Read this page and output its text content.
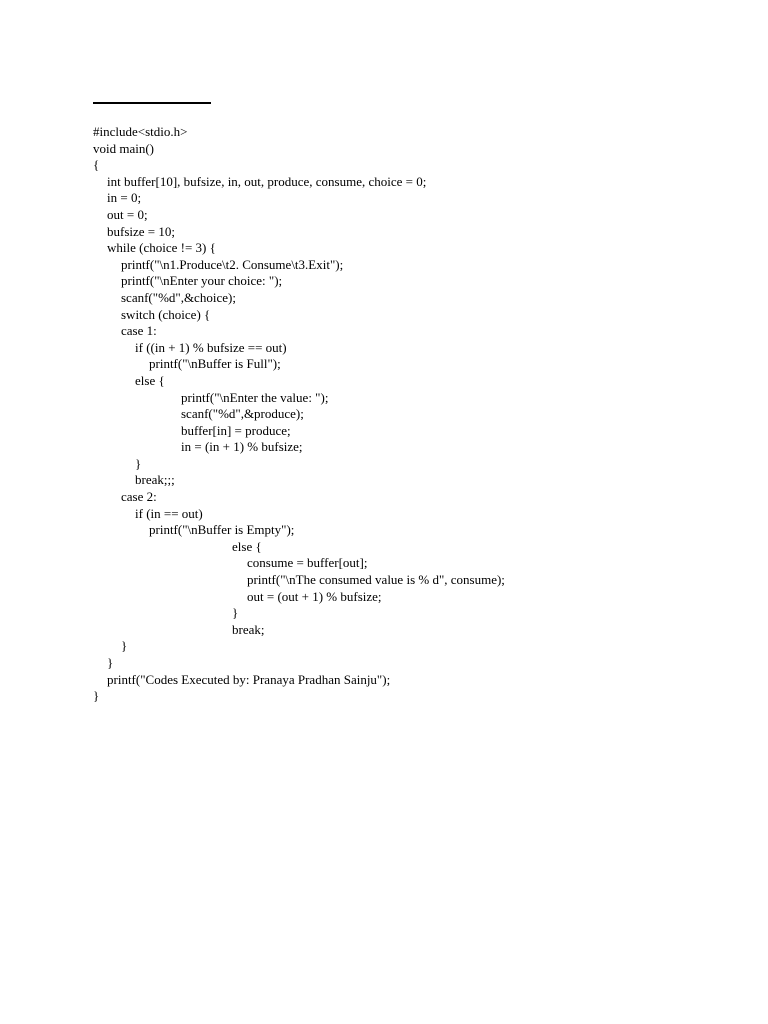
#include<stdio.h>
void main()
{
int buffer[10], bufsize, in, out, produce, consume, choice = 0;
in = 0;
out = 0;
bufsize = 10;
while (choice != 3) {
printf("\n1.Produce\t2. Consume\t3.Exit");
printf("\nEnter your choice: ");
scanf("%d",&choice);
switch (choice) {
case 1:
if ((in + 1) % bufsize == out)
printf("\nBuffer is Full");
else {
printf("\nEnter the value: ");
scanf("%d",&produce);
buffer[in] = produce;
in = (in + 1) % bufsize;
}
break;;;
case 2:
if (in == out)
printf("\nBuffer is Empty");
else {
consume = buffer[out];
printf("\nThe consumed value is % d", consume);
out = (out + 1) % bufsize;
}
break;
}
}
printf("Codes Executed by: Pranaya Pradhan Sainju");
}
